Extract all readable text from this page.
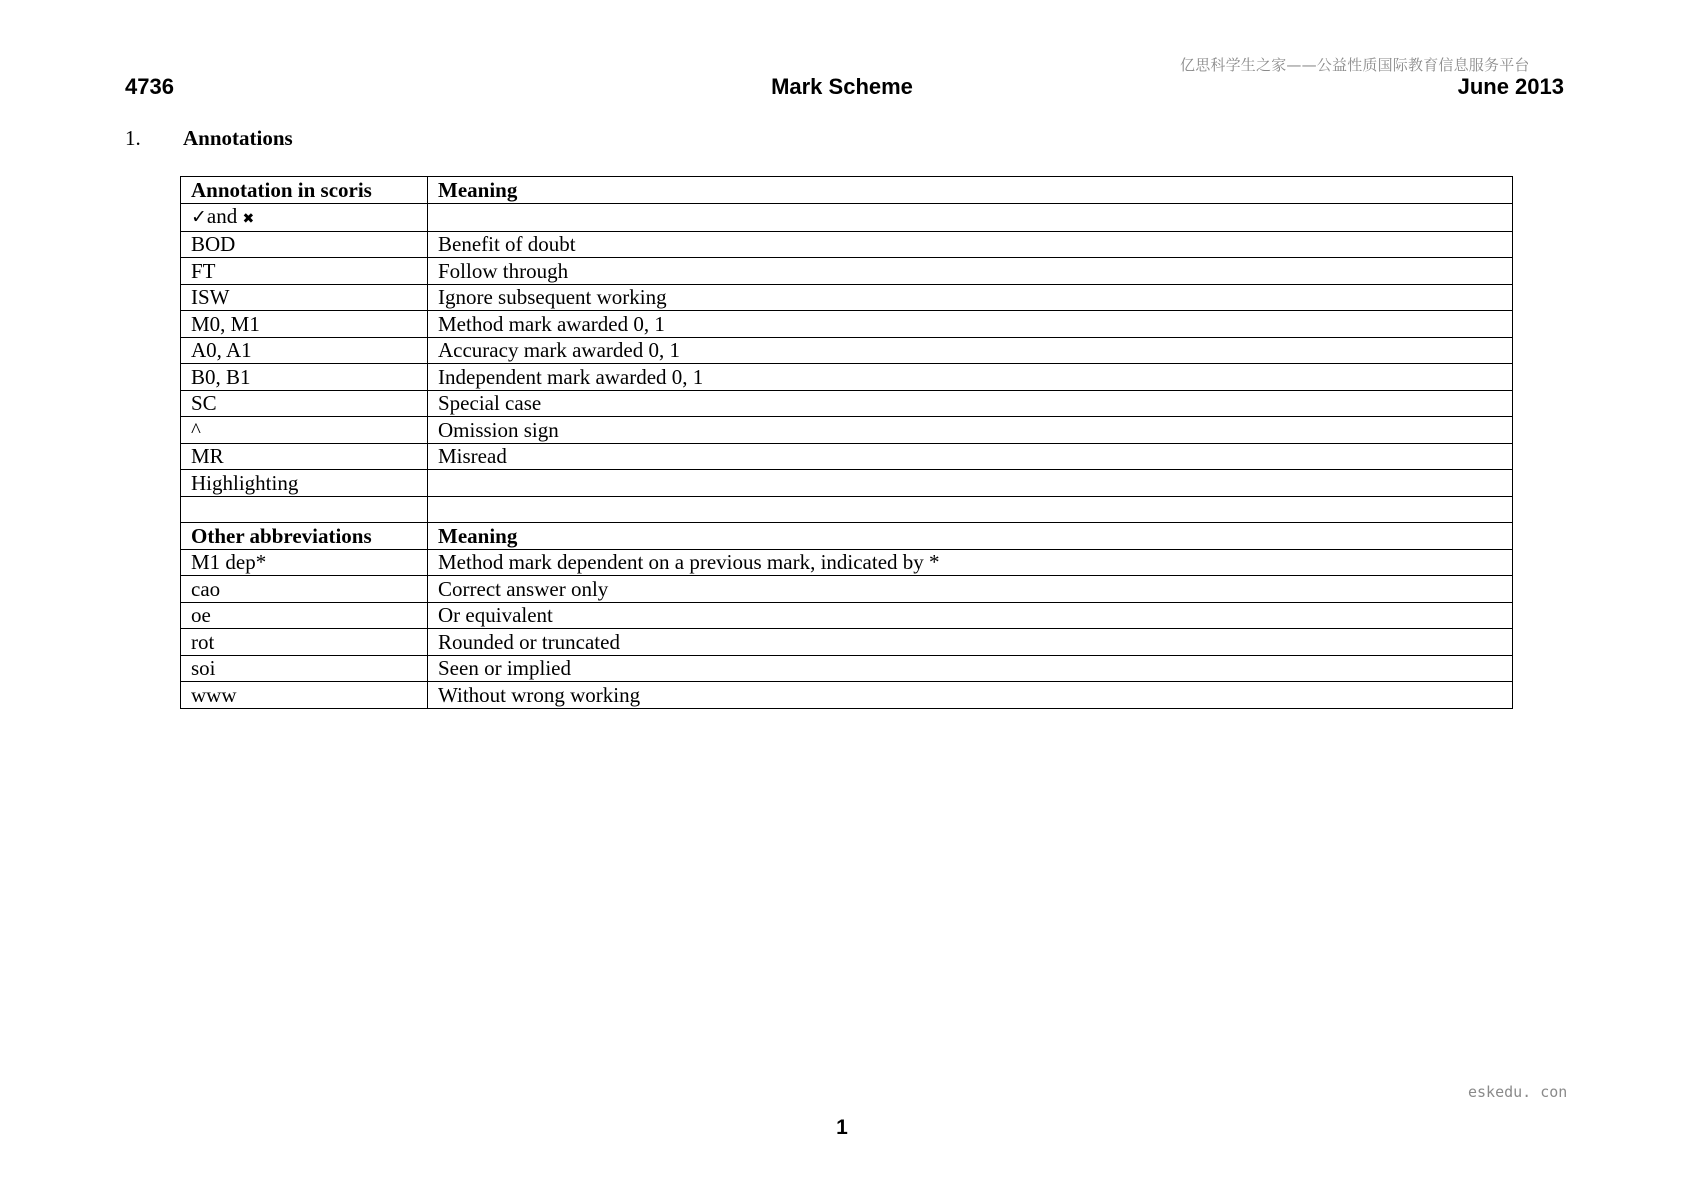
亿思科学生之家——公益性质国际教育信息服务平台
4736	Mark Scheme	June 2013
1. Annotations
Annotation in scoris	Meaning
✓and ✖	
BOD	Benefit of doubt
FT	Follow through
ISW	Ignore subsequent working
M0, M1	Method mark awarded 0, 1
A0, A1	Accuracy mark awarded 0, 1
B0, B1	Independent mark awarded 0, 1
SC	Special case
^	Omission sign
MR	Misread
Highlighting	

Other abbreviations	Meaning
M1 dep*	Method mark dependent on a previous mark, indicated by *
cao	Correct answer only
oe	Or equivalent
rot	Rounded or truncated
soi	Seen or implied
www	Without wrong working
eskedu. con
1
